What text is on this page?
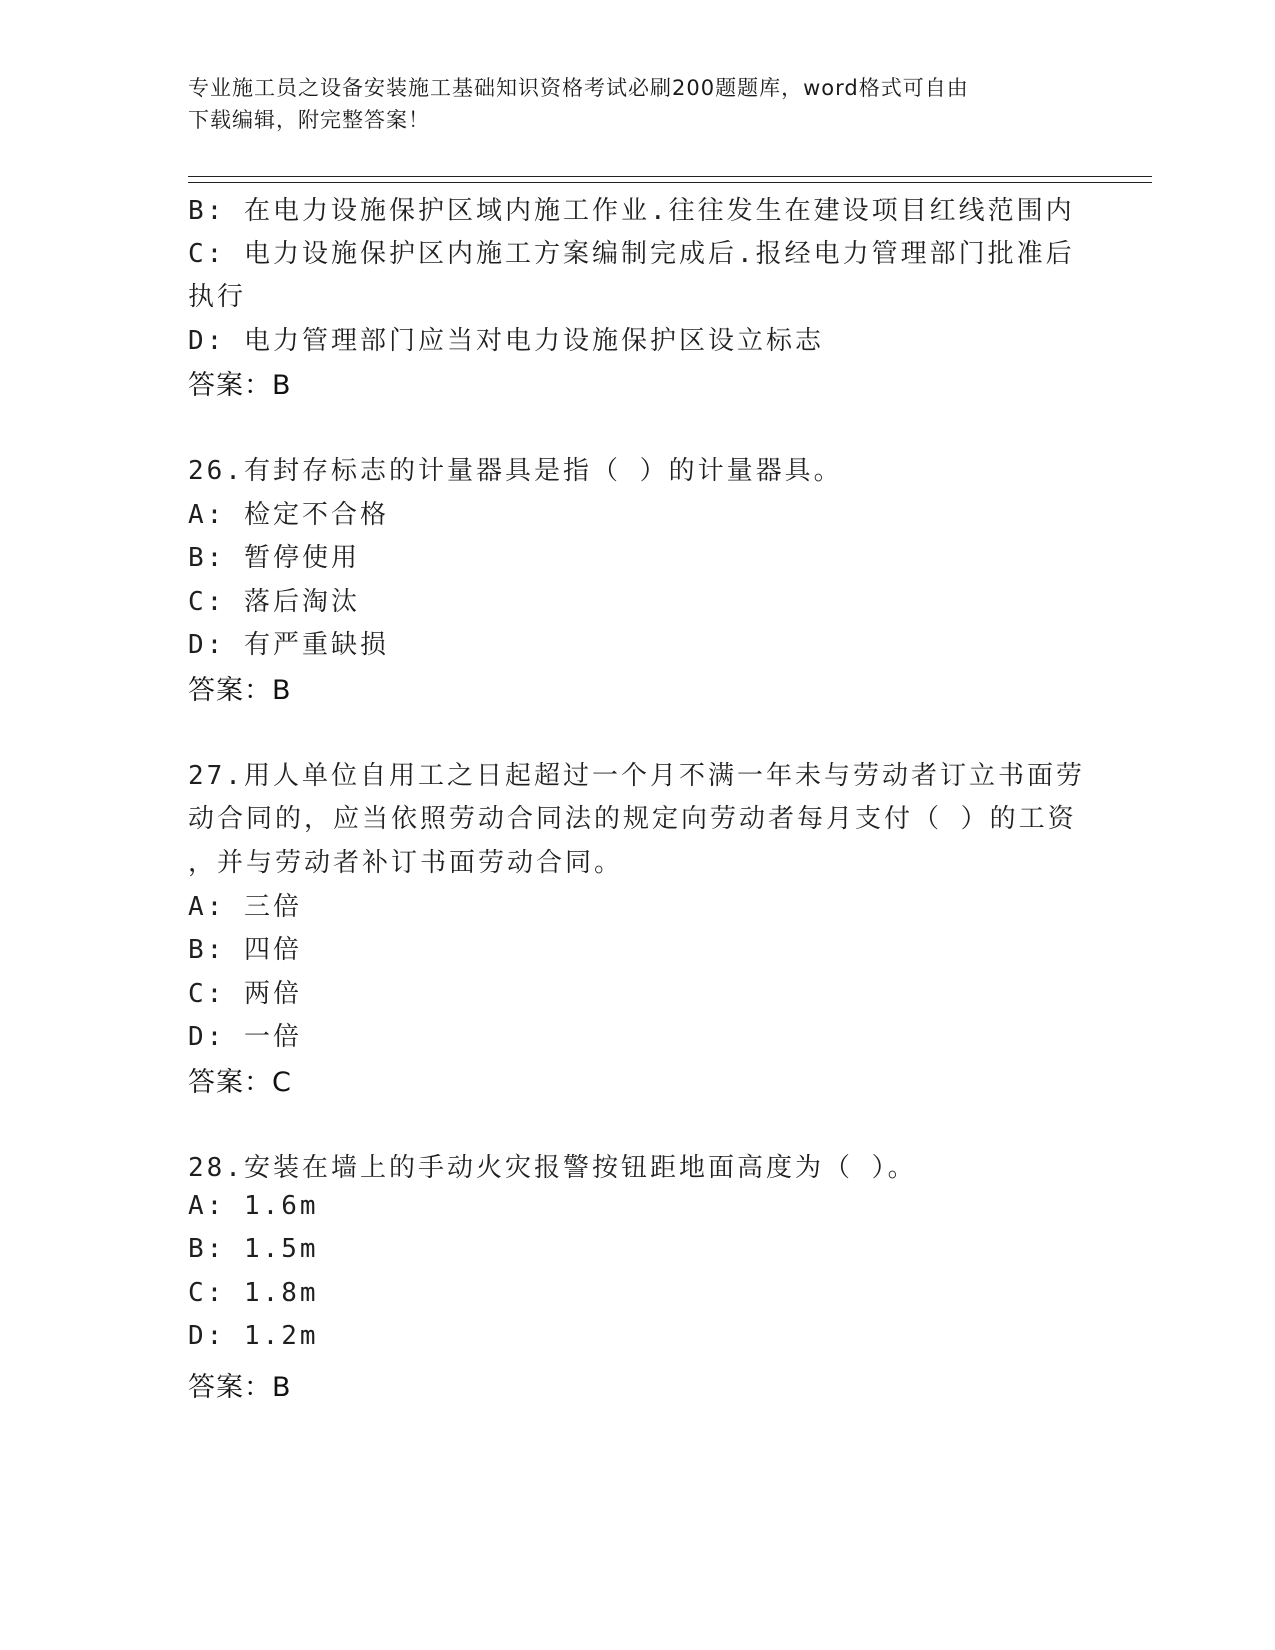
专业施工员之设备安装施工基础知识资格考试必刷200题题库，word格式可自由
下载编辑，附完整答案！
B: 在电力设施保护区域内施工作业.往往发生在建设项目红线范围内
C: 电力设施保护区内施工方案编制完成后.报经电力管理部门批准后
执行
D: 电力管理部门应当对电力设施保护区设立标志
答案：B
26.有封存标志的计量器具是指（ ）的计量器具。
A: 检定不合格
B: 暂停使用
C: 落后淘汰
D: 有严重缺损
答案：B
27.用人单位自用工之日起超过一个月不满一年未与劳动者订立书面劳
动合同的，应当依照劳动合同法的规定向劳动者每月支付（ ）的工资
，并与劳动者补订书面劳动合同。
A: 三倍
B: 四倍
C: 两倍
D: 一倍
答案：C
28.安装在墙上的手动火灾报警按钮距地面高度为（ ）。
A: 1.6m
B: 1.5m
C: 1.8m
D: 1.2m
答案：B
